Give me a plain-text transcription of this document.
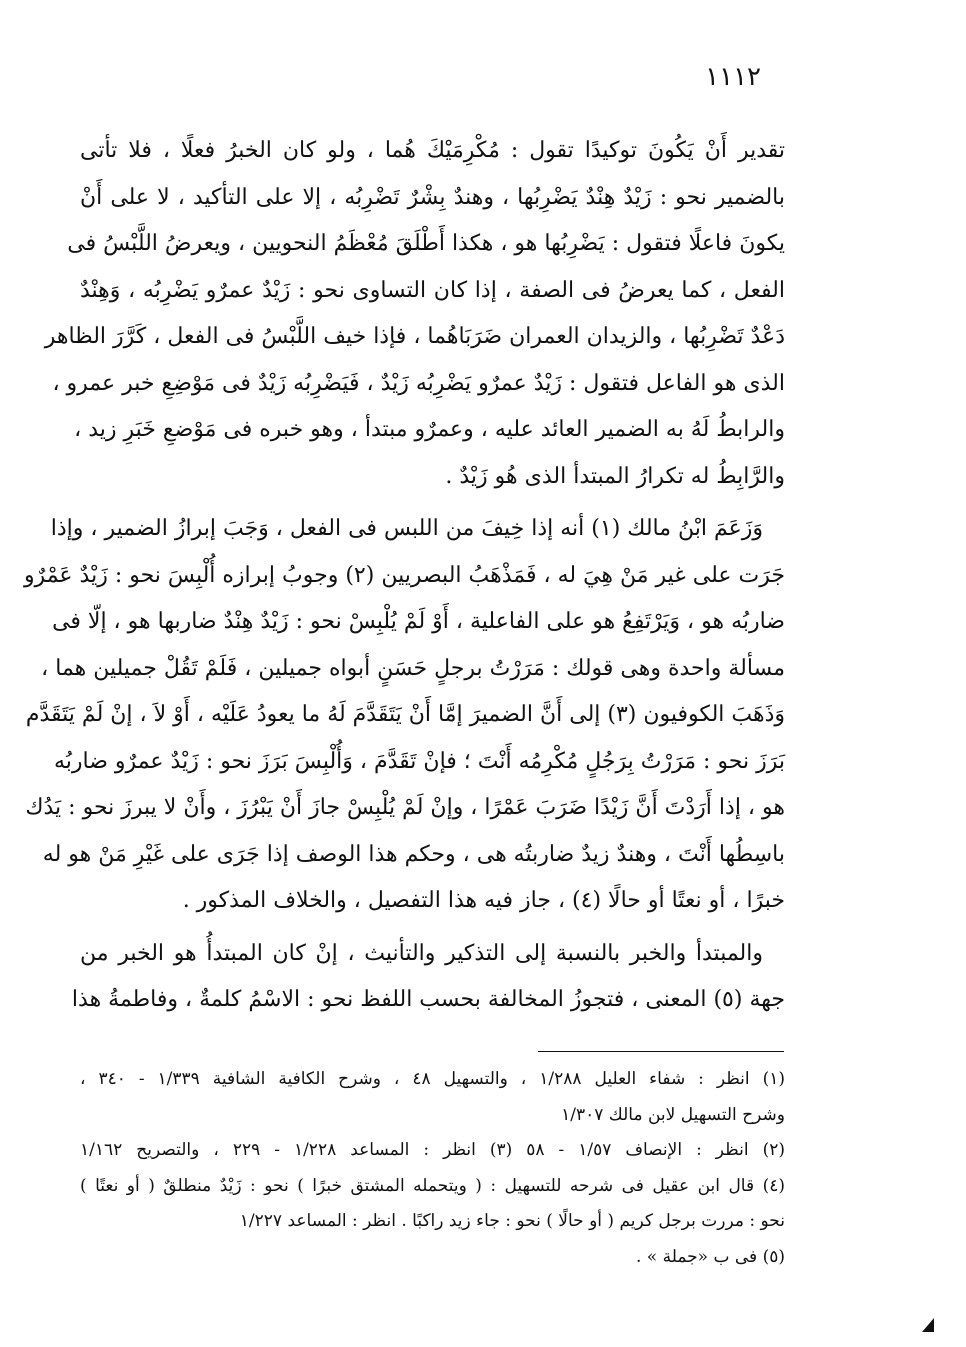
١١١٢
تقدير أَنْ يَكُونَ توكيدًا تقول : مُكْرِمَيْكَ هُما ، ولو كان الخبرُ فعلًا ، فلا تأتى
بالضمير نحو : زَيْدٌ هِنْدٌ يَضْرِبُها ، وهندٌ بِشْرٌ تَضْرِبُه ، إلا على التأكيد ، لا على أَنْ
يكونَ فاعلًا فتقول : يَضْرِبُها هو ، هكذا أَطْلَقَ مُعْظَمُ النحويين ، ويعرضُ اللَّبْسُ فى
الفعل ، كما يعرضُ فى الصفة ، إذا كان التساوى نحو : زَيْدٌ عمرٌو يَضْرِبُه ، وَهِنْدٌ
دَعْدٌ تَضْرِبُها ، والزيدان العمران ضَرَبَاهُما ، فإذا خيف اللَّبْسُ فى الفعل ، كَرَّرَ الظاهر
الذى هو الفاعل فتقول : زَيْدٌ عمرٌو يَضْرِبُه زَيْدٌ ، فَيَضْرِبُه زَيْدٌ فى مَوْضِعِ خبر عمرو ،
والرابطُ لَهُ به الضمير العائد عليه ، وعمرٌو مبتدأ ، وهو خبره فى مَوْضعِ خَبَرِ زيد ،
والرَّابِطُ له تكرارُ المبتدأ الذى هُو زَيْدٌ .
وَزَعَمَ ابْنُ مالك (١) أنه إذا خِيفَ من اللبس فى الفعل ، وَجَبَ إبرازُ الضمير ، وإذا
جَرَت على غير مَنْ هِيَ له ، فَمَذْهَبُ البصريين (٢) وجوبُ إبرازه أُلْبِسَ نحو : زَيْدٌ عَمْرٌو
ضاربُه هو ، وَيَرْتَفِعُ هو على الفاعلية ، أَوْ لَمْ يُلْبِسْ نحو : زَيْدٌ هِنْدٌ ضاربها هو ، إلّا فى
مسألة واحدة وهى قولك : مَرَرْتُ برجلٍ حَسَنٍ أبواه جميلين ، فَلَمْ تَقُلْ جميلين هما ،
وَذَهَبَ الكوفيون (٣) إلى أَنَّ الضميرَ إمَّا أَنْ يَتَقَدَّمَ لَهُ ما يعودُ عَلَيْه ، أَوْ لاَ ، إنْ لَمْ يَتَقَدَّم
بَرَزَ نحو : مَرَرْتُ بِرَجُلٍ مُكْرِمُه أَنْتَ ؛ فإنْ تَقَدَّمَ ، وَأُلْبِسَ بَرَزَ نحو : زَيْدٌ عمرٌو ضاربُه
هو ، إذا أَرَدْتَ أَنَّ زَيْدًا ضَرَبَ عَمْرًا ، وإنْ لَمْ يُلْبِسْ جازَ أَنْ يَبْرُزَ ، وأَنْ لا يبرزَ نحو : يَدُك
باسِطُها أَنْتَ ، وهندٌ زيدٌ ضاربتُه هى ، وحكم هذا الوصف إذا جَرَى على غَيْرِ مَنْ هو له
خبرًا ، أو نعتًا أو حالًا (٤) ، جاز فيه هذا التفصيل ، والخلاف المذكور .
والمبتدأ والخبر بالنسبة إلى التذكير والتأنيث ، إنْ كان المبتدأُ هو الخبر من
جهة (٥) المعنى ، فتجوزُ المخالفة بحسب اللفظ نحو : الاسْمُ كلمةٌ ، وفاطمةُ هذا
(١) انظر : شفاء العليل ١/٢٨٨ ، والتسهيل ٤٨ ، وشرح الكافية الشافية ١/٣٣٩ - ٣٤٠ ،
وشرح التسهيل لابن مالك ١/٣٠٧
(٢) انظر : الإنصاف ١/٥٧ - ٥٨ (٣) انظر : المساعد ١/٢٢٨ - ٢٢٩ ، والتصريح ١/١٦٢
(٤) قال ابن عقيل فى شرحه للتسهيل : ( ويتحمله المشتق خبرًا ) نحو : زَيْدٌ منطلقٌ ( أو نعتًا )
نحو : مررت برجل كريم ( أو حالًا ) نحو : جاء زيد راكبًا . انظر : المساعد ١/٢٢٧
(٥) فى ب «جملة » .
